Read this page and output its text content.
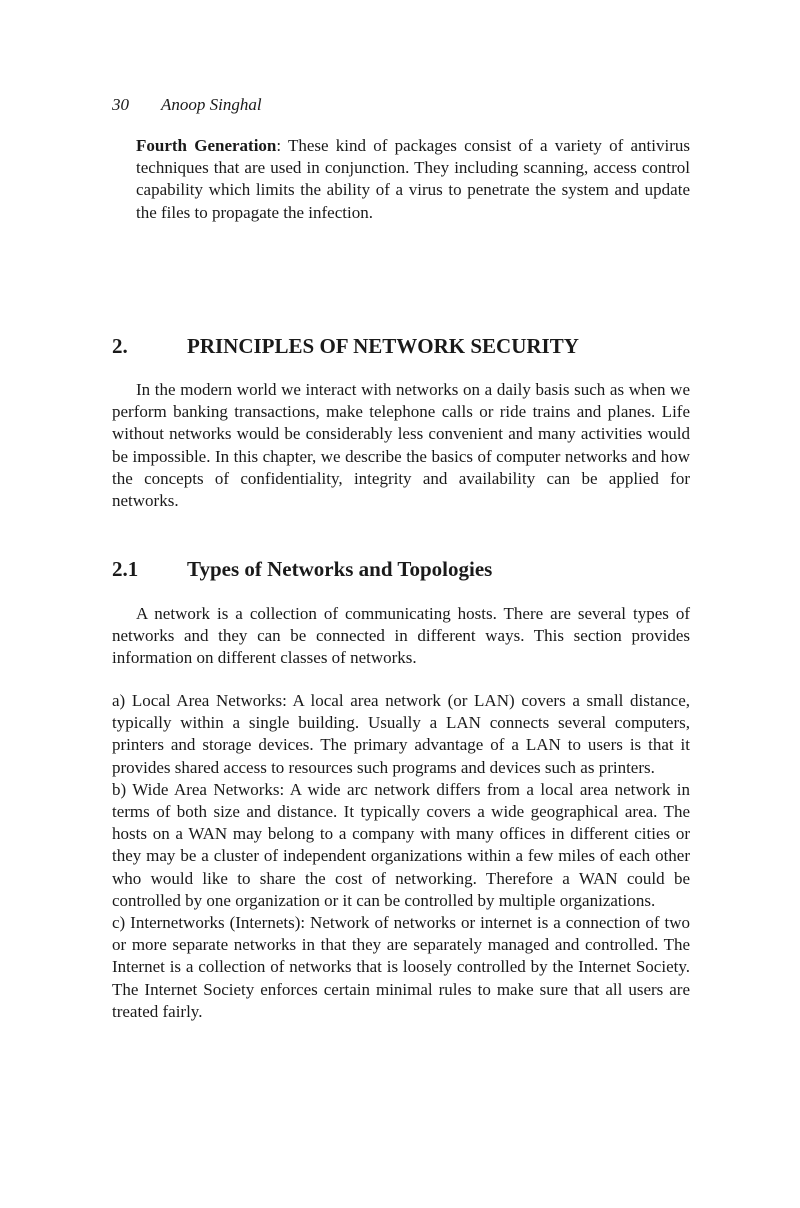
30 Anoop Singhal

Fourth Generation: These kind of packages consist of a variety of antivirus techniques that are used in conjunction. They including scanning, access control capability which limits the ability of a virus to penetrate the system and update the files to propagate the infection.

2.	PRINCIPLES OF NETWORK SECURITY

In the modern world we interact with networks on a daily basis such as when we perform banking transactions, make telephone calls or ride trains and planes. Life without networks would be considerably less convenient and many activities would be impossible. In this chapter, we describe the basics of computer networks and how the concepts of confidentiality, integrity and availability can be applied for networks.

2.1 Types of Networks and Topologies

A network is a collection of communicating hosts. There are several types of networks and they can be connected in different ways. This section provides information on different classes of networks.

a) Local Area Networks: A local area network (or LAN) covers a small distance, typically within a single building. Usually a LAN connects several computers, printers and storage devices. The primary advantage of a LAN to users is that it provides shared access to resources such programs and devices such as printers.
b) Wide Area Networks: A wide arc network differs from a local area network in terms of both size and distance. It typically covers a wide geographical area. The hosts on a WAN may belong to a company with many offices in different cities or they may be a cluster of independent organizations within a few miles of each other who would like to share the cost of networking. Therefore a WAN could be controlled by one organization or it can be controlled by multiple organizations.
c) Internetworks (Internets): Network of networks or internet is a connection of two or more separate networks in that they are separately managed and controlled. The Internet is a collection of networks that is loosely controlled by the Internet Society. The Internet Society enforces certain minimal rules to make sure that all users are treated fairly.
